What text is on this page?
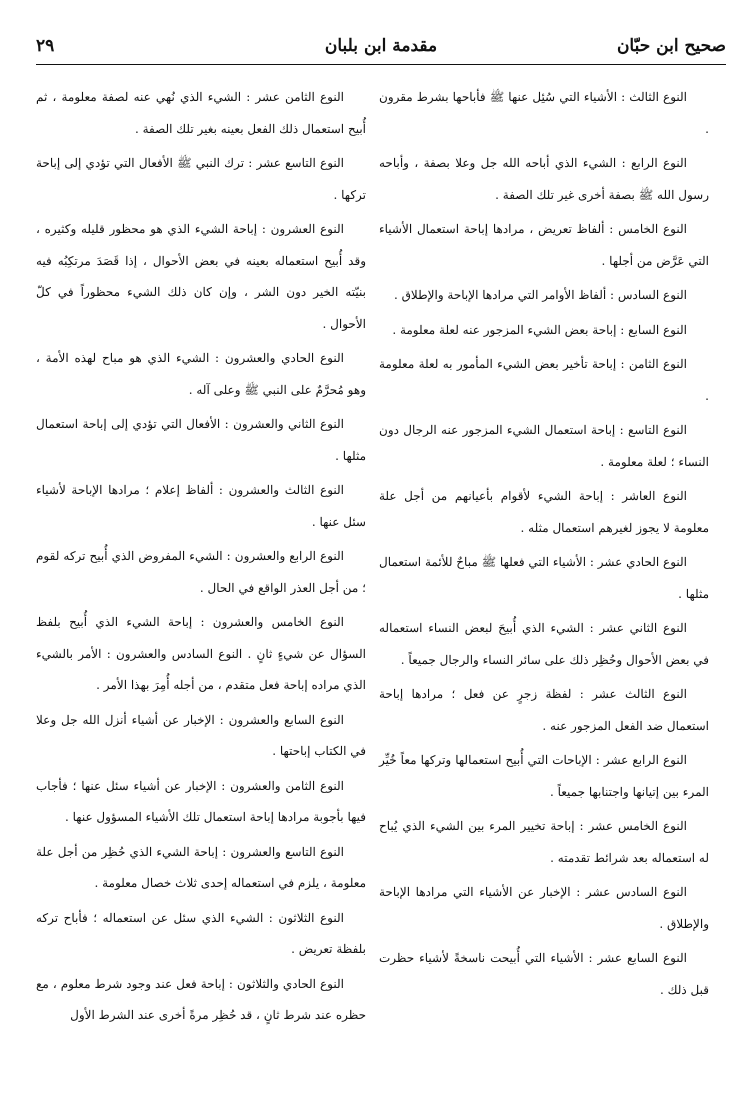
صحيح ابن حبّان
مقدمة ابن بلبان
٢٩

النوع الثالث : الأشياء التي سُئِل عنها ﷺ فأباحها بشرط مقرون .

النوع الرابع : الشيء الذي أباحه الله جل وعلا بصفة ، وأباحه رسول الله ﷺ بصفة أخرى غير تلك الصفة .

النوع الخامس : ألفاظ تعريض ، مرادها إباحة استعمال الأشياء التي عَرَّض من أجلها .

النوع السادس : ألفاظ الأوامر التي مرادها الإباحة والإطلاق .

النوع السابع : إباحة بعض الشيء المزجور عنه لعلة معلومة .

النوع الثامن : إباحة تأخير بعض الشيء المأمور به لعلة معلومة .

النوع التاسع : إباحة استعمال الشيء المزجور عنه الرجال دون النساء ؛ لعلة معلومة .

النوع العاشر : إباحة الشيء لأقوام بأعيانهم من أجل علة معلومة لا يجوز لغيرهم استعمال مثله .

النوع الحادي عشر : الأشياء التي فعلها ﷺ مباحٌ للأئمة استعمال مثلها .

النوع الثاني عشر : الشيء الذي أُبيحَ لبعض النساء استعماله في بعض الأحوال وحُظِر ذلك على سائر النساء والرجال جميعاً .

النوع الثالث عشر : لفظة زجرٍ عن فعل ؛ مرادها إباحة استعمال ضد الفعل المزجور عنه .

النوع الرابع عشر : الإباحات التي أُبيح استعمالها وتركها معاً خُيِّر المرء بين إتيانها واجتنابها جميعاً .

النوع الخامس عشر : إباحة تخيير المرء بين الشيء الذي يُباح له استعماله بعد شرائط تقدمته .

النوع السادس عشر : الإخبار عن الأشياء التي مرادها الإباحة والإطلاق .

النوع السابع عشر : الأشياء التي أُبيحت ناسخةً لأشياء حظرت قبل ذلك .

النوع الثامن عشر : الشيء الذي نُهي عنه لصفة معلومة ، ثم أُبيح استعمال ذلك الفعل بعينه بغير تلك الصفة .

النوع التاسع عشر : ترك النبي ﷺ الأفعال التي تؤدي إلى إباحة تركها .

النوع العشرون : إباحة الشيء الذي هو محظور قليله وكثيره ، وقد أُبيح استعماله بعينه في بعض الأحوال ، إذا قَصَدَ مرتكِبُه فيه بنيّته الخير دون الشر ، وإن كان ذلك الشيء محظوراً في كلّ الأحوال .

النوع الحادي والعشرون : الشيء الذي هو مباح لهذه الأمة ، وهو مُحرَّمٌ على النبي ﷺ وعلى آله .

النوع الثاني والعشرون : الأفعال التي تؤدي إلى إباحة استعمال مثلها .

النوع الثالث والعشرون : ألفاظ إعلام ؛ مرادها الإباحة لأشياء سئل عنها .

النوع الرابع والعشرون : الشيء المفروض الذي أُبيح تركه لقوم ؛ من أجل العذر الواقع في الحال .

النوع الخامس والعشرون : إباحة الشيء الذي أُبيح بلفظ السؤال عن شيءٍ ثانٍ . النوع السادس والعشرون : الأمر بالشيء الذي مراده إباحة فعل متقدم ، من أجله أُمِرَ بهذا الأمر .

النوع السابع والعشرون : الإخبار عن أشياء أنزل الله جل وعلا في الكتاب إباحتها .

النوع الثامن والعشرون : الإخبار عن أشياء سئل عنها ؛ فأجاب فيها بأجوبة مرادها إباحة استعمال تلك الأشياء المسؤول عنها .

النوع التاسع والعشرون : إباحة الشيء الذي حُظِر من أجل علة معلومة ، يلزم في استعماله إحدى ثلاث خصال معلومة .

النوع الثلاثون : الشيء الذي سئل عن استعماله ؛ فأباح تركه بلفظة تعريض .

النوع الحادي والثلاثون : إباحة فعل عند وجود شرط معلوم ، مع حظره عند شرط ثانٍ ، قد حُظِر مرةً أخرى عند الشرط الأول
